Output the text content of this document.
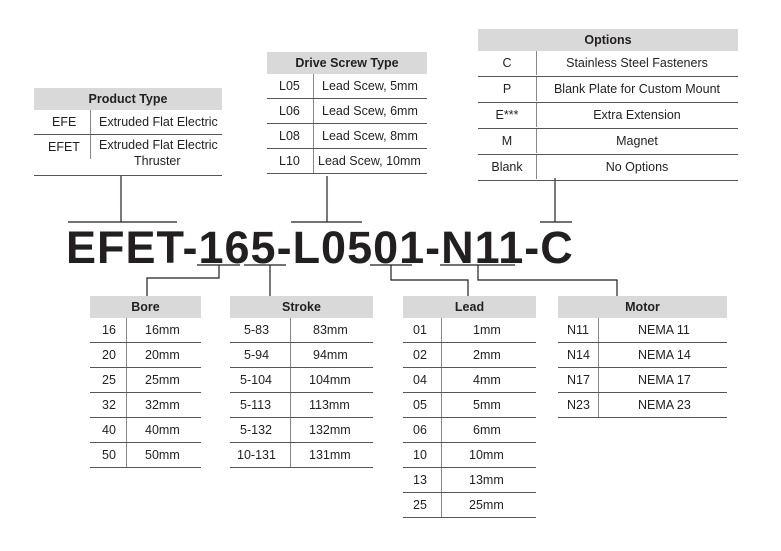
EFET-165-L0501-N11-C
Product Type
EFE Extruded Flat Electric
EFET Extruded Flat Electric
Thruster
Drive Screw Type
L05 Lead Scew, 5mm
L06 Lead Scew, 6mm
L08 Lead Scew, 8mm
L10 Lead Scew, 10mm
Options
C	Stainless Steel Fasteners
P	Blank Plate for Custom Mount
E***	Extra Extension
M	Magnet
Blank	No Options
Bore
16 16mm
20 20mm
25 25mm
32 32mm
40 40mm
50 50mm
Stroke
5-83	83mm
5-94	94mm
5-104	104mm
5-113	113mm
5-132	132mm
10-131	131mm
Lead
01	1mm
02	2mm
04	4mm
05	5mm
06	6mm
10	10mm
13	13mm
25	25mm
Motor
N11	NEMA 11
N14	NEMA 14
N17	NEMA 17
N23	NEMA 23
